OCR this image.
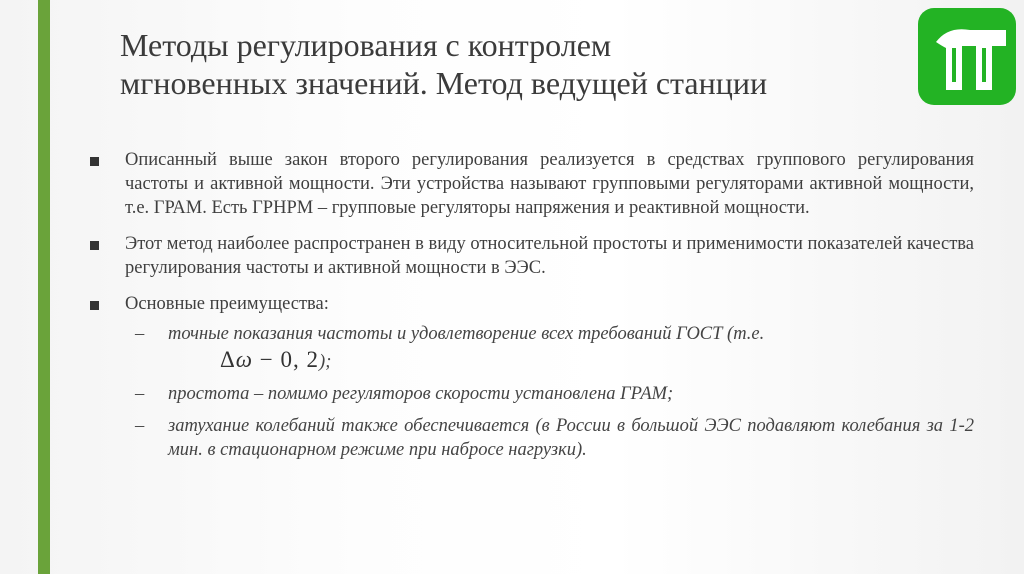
Методы регулирования с контролем
мгновенных значений. Метод ведущей станции
Описанный выше закон второго регулирования реализуется в средствах группового регулирования частоты и активной мощности. Эти устройства называют групповыми регуляторами активной мощности, т.е. ГРАМ. Есть ГРНРМ – групповые регуляторы напряжения и реактивной мощности.
Этот метод наиболее распространен в виду относительной простоты и применимости показателей качества регулирования частоты и активной мощности в ЭЭС.
Основные преимущества:
– точные показания частоты и удовлетворение всех требований ГОСТ (т.е.
Δω − 0, 2);
– простота – помимо регуляторов скорости установлена ГРАМ;
– затухание колебаний также обеспечивается (в России в большой ЭЭС подавляют колебания за 1-2 мин. в стационарном режиме при набросе нагрузки).
